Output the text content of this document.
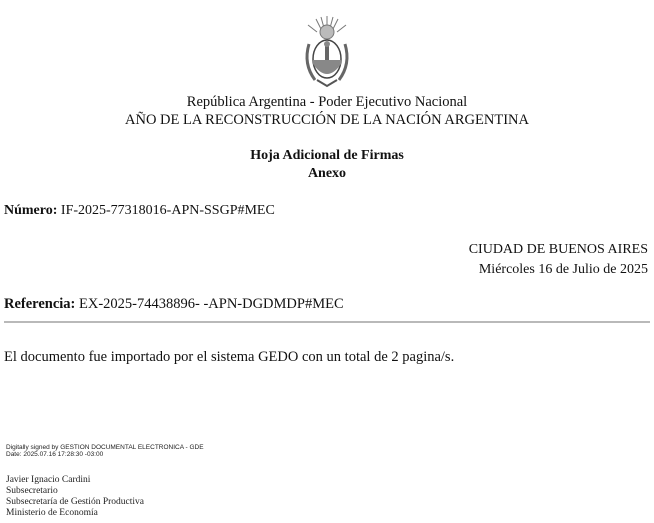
República Argentina - Poder Ejecutivo Nacional
AÑO DE LA RECONSTRUCCIÓN DE LA NACIÓN ARGENTINA
Hoja Adicional de Firmas
Anexo
Número: IF-2025-77318016-APN-SSGP#MEC
CIUDAD DE BUENOS AIRES
Miércoles 16 de Julio de 2025
Referencia: EX-2025-74438896- -APN-DGDMDP#MEC
El documento fue importado por el sistema GEDO con un total de 2 pagina/s.
Digitally signed by GESTION DOCUMENTAL ELECTRONICA - GDE
Date: 2025.07.16 17:28:30 -03:00
Javier Ignacio Cardini
Subsecretario
Subsecretaría de Gestión Productiva
Ministerio de Economía
